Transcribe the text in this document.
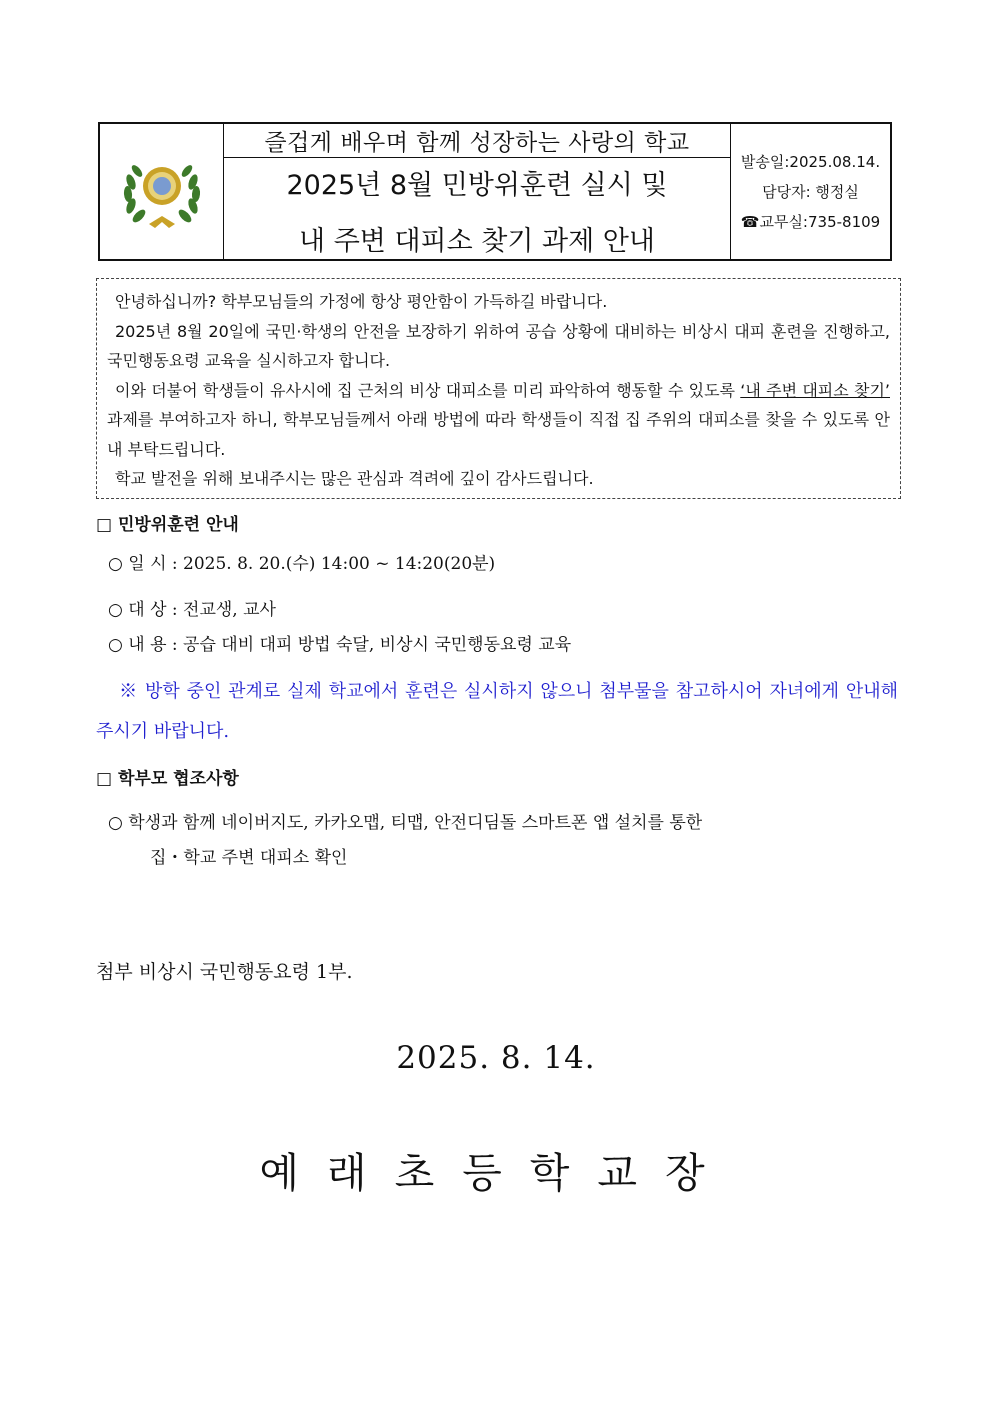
즐겁게 배우며 함께 성장하는 사랑의 학교
2025년 8월 민방위훈련 실시 및
내 주변 대피소 찾기 과제 안내
발송일:2025.08.14.
담당자: 행정실
☎교무실:735-8109

안녕하십니까? 학부모님들의 가정에 항상 평안함이 가득하길 바랍니다.

2025년 8월 20일에 국민·학생의 안전을 보장하기 위하여 공습 상황에 대비하는 비상시 대피 훈련을 진행하고, 국민행동요령 교육을 실시하고자 합니다.

이와 더불어 학생들이 유사시에 집 근처의 비상 대피소를 미리 파악하여 행동할 수 있도록 ‘내 주변 대피소 찾기’ 과제를 부여하고자 하니, 학부모님들께서 아래 방법에 따라 학생들이 직접 집 주위의 대피소를 찾을 수 있도록 안내 부탁드립니다.

학교 발전을 위해 보내주시는 많은 관심과 격려에 깊이 감사드립니다.

□ 민방위훈련 안내
○ 일 시 : 2025. 8. 20.(수) 14:00 ~ 14:20(20분)
○ 대 상 : 전교생, 교사
○ 내 용 : 공습 대비 대피 방법 숙달, 비상시 국민행동요령 교육
※ 방학 중인 관계로 실제 학교에서 훈련은 실시하지 않으니 첨부물을 참고하시어 자녀에게 안내해 주시기 바랍니다.
□ 학부모 협조사항
○ 학생과 함께 네이버지도, 카카오맵, 티맵, 안전디딤돌 스마트폰 앱 설치를 통한
집・학교 주변 대피소 확인
첨부 비상시 국민행동요령 1부.
2025. 8. 14.
예래초등학교장
